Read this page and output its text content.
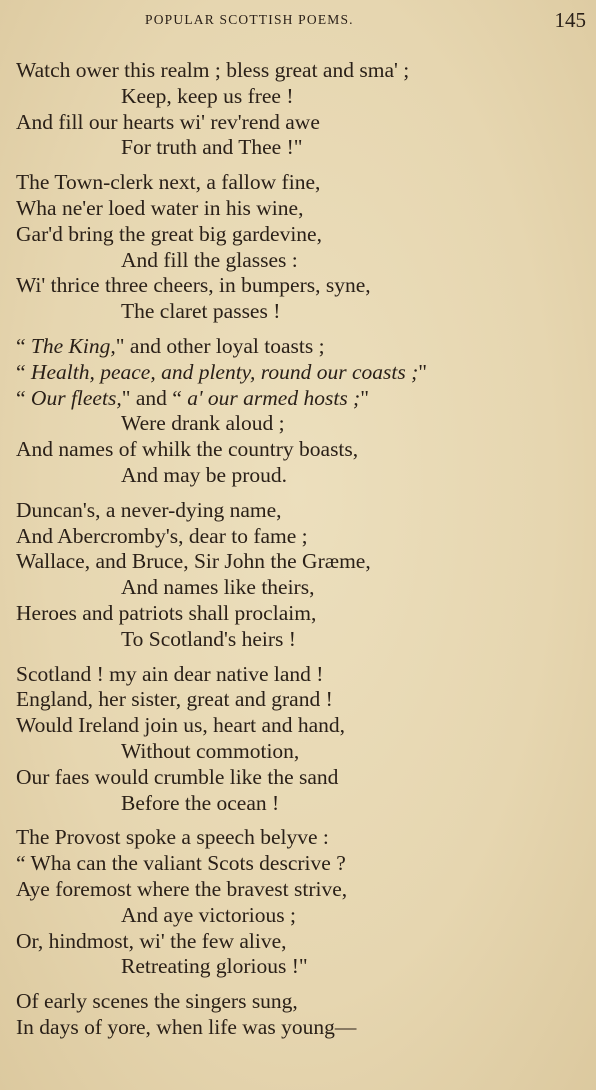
POPULAR SCOTTISH POEMS.	145
Watch ower this realm ; bless great and sma' ;
Keep, keep us free !
And fill our hearts wi' rev'rend awe
For truth and Thee !"
The Town-clerk next, a fallow fine,
Wha ne'er loed water in his wine,
Gar'd bring the great big gardevine,
And fill the glasses :
Wi' thrice three cheers, in bumpers, syne,
The claret passes !
“ The King," and other loyal toasts ;
“ Health, peace, and plenty, round our coasts ;"
“ Our fleets," and “ a' our armed hosts ;"
Were drank aloud ;
And names of whilk the country boasts,
And may be proud.
Duncan's, a never-dying name,
And Abercromby's, dear to fame ;
Wallace, and Bruce, Sir John the Græme,
And names like theirs,
Heroes and patriots shall proclaim,
To Scotland's heirs !
Scotland ! my ain dear native land !
England, her sister, great and grand !
Would Ireland join us, heart and hand,
Without commotion,
Our faes would crumble like the sand
Before the ocean !
The Provost spoke a speech belyve :
“ Wha can the valiant Scots descrive ?
Aye foremost where the bravest strive,
And aye victorious ;
Or, hindmost, wi' the few alive,
Retreating glorious !"
Of early scenes the singers sung,
In days of yore, when life was young—
